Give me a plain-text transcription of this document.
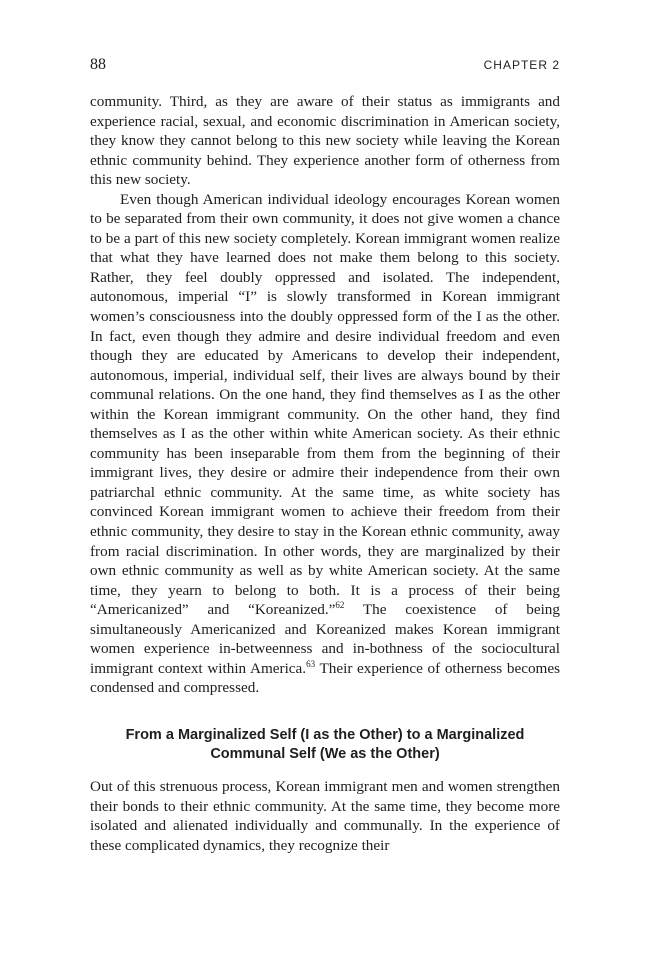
88	CHAPTER 2

community. Third, as they are aware of their status as immigrants and experience racial, sexual, and economic discrimination in American society, they know they cannot belong to this new society while leaving the Korean ethnic community behind. They experience another form of otherness from this new society.

Even though American individual ideology encourages Korean women to be separated from their own community, it does not give women a chance to be a part of this new society completely. Korean immigrant women realize that what they have learned does not make them belong to this society. Rather, they feel doubly oppressed and isolated. The independent, autonomous, imperial “I” is slowly transformed in Korean immigrant women’s consciousness into the doubly oppressed form of the I as the other. In fact, even though they admire and desire individual freedom and even though they are educated by Americans to develop their independent, autonomous, imperial, individual self, their lives are always bound by their communal relations. On the one hand, they find themselves as I as the other within the Korean immigrant community. On the other hand, they find themselves as I as the other within white American society. As their ethnic community has been inseparable from them from the beginning of their immigrant lives, they desire or admire their independence from their own patriarchal ethnic community. At the same time, as white society has convinced Korean immigrant women to achieve their freedom from their ethnic community, they desire to stay in the Korean ethnic community, away from racial discrimination. In other words, they are marginalized by their own ethnic community as well as by white American society. At the same time, they yearn to belong to both. It is a process of their being “Americanized” and “Koreanized.”$^{62}$ The coexistence of being simultaneously Americanized and Koreanized makes Korean immigrant women experience in-betweenness and in-bothness of the sociocultural immigrant context within America.$^{63}$ Their experience of otherness becomes condensed and compressed.

From a Marginalized Self (I as the Other) to a Marginalized Communal Self (We as the Other)

Out of this strenuous process, Korean immigrant men and women strengthen their bonds to their ethnic community. At the same time, they become more isolated and alienated individually and communally. In the experience of these complicated dynamics, they recognize their
